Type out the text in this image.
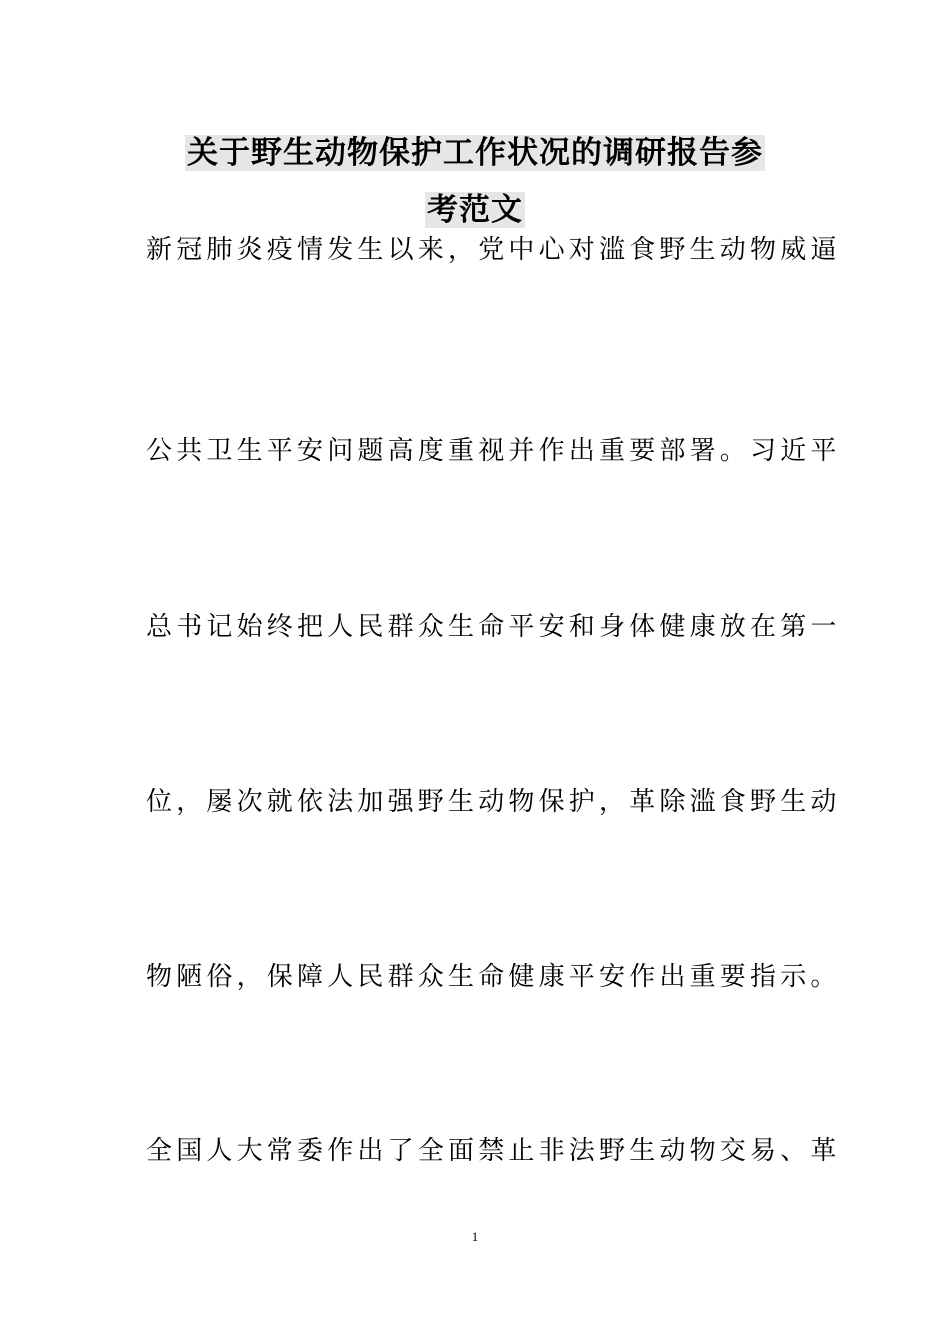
关于野生动物保护工作状况的调研报告参
考范文
新冠肺炎疫情发生以来，党中心对滥食野生动物威逼
公共卫生平安问题高度重视并作出重要部署。习近平
总书记始终把人民群众生命平安和身体健康放在第一
位，屡次就依法加强野生动物保护，革除滥食野生动
物陋俗，保障人民群众生命健康平安作出重要指示。
全国人大常委作出了全面禁止非法野生动物交易、革
1
